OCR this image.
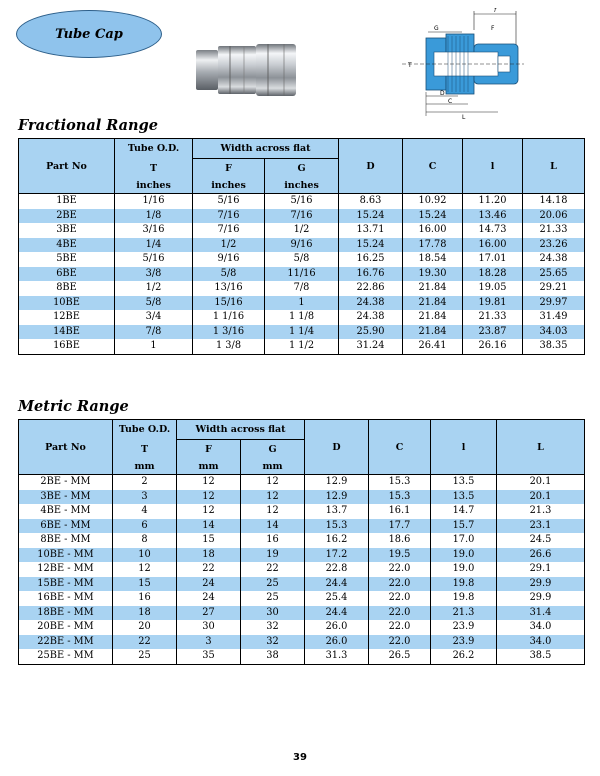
Tube Cap
f
G	F
T
D
C
L
Fractional Range
Part No	Tube O.D.	Width across flat		D	C	l	L
	T	F	G				
	inches	inches	inches				
1BE	1/16	5/16	5/16	8.63	10.92	11.20	14.18
2BE	1/8	7/16	7/16	15.24	15.24	13.46	20.06
3BE	3/16	7/16	1/2	13.71	16.00	14.73	21.33
4BE	1/4	1/2	9/16	15.24	17.78	16.00	23.26
5BE	5/16	9/16	5/8	16.25	18.54	17.01	24.38
6BE	3/8	5/8	11/16	16.76	19.30	18.28	25.65
8BE	1/2	13/16	7/8	22.86	21.84	19.05	29.21
10BE	5/8	15/16	1	24.38	21.84	19.81	29.97
12BE	3/4	1 1/16	1 1/8	24.38	21.84	21.33	31.49
14BE	7/8	1 3/16	1 1/4	25.90	21.84	23.87	34.03
16BE	1	1 3/8	1 1/2	31.24	26.41	26.16	38.35
Metric Range
Part No	Tube O.D.	Width across flat		D	C	l	L
	T	F	G				
	mm	mm	mm				
2BE - MM	2	12	12	12.9	15.3	13.5	20.1
3BE - MM	3	12	12	12.9	15.3	13.5	20.1
4BE - MM	4	12	12	13.7	16.1	14.7	21.3
6BE - MM	6	14	14	15.3	17.7	15.7	23.1
8BE - MM	8	15	16	16.2	18.6	17.0	24.5
10BE - MM	10	18	19	17.2	19.5	19.0	26.6
12BE - MM	12	22	22	22.8	22.0	19.0	29.1
15BE - MM	15	24	25	24.4	22.0	19.8	29.9
16BE - MM	16	24	25	25.4	22.0	19.8	29.9
18BE - MM	18	27	30	24.4	22.0	21.3	31.4
20BE - MM	20	30	32	26.0	22.0	23.9	34.0
22BE - MM	22	3	32	26.0	22.0	23.9	34.0
25BE - MM	25	35	38	31.3	26.5	26.2	38.5
39
